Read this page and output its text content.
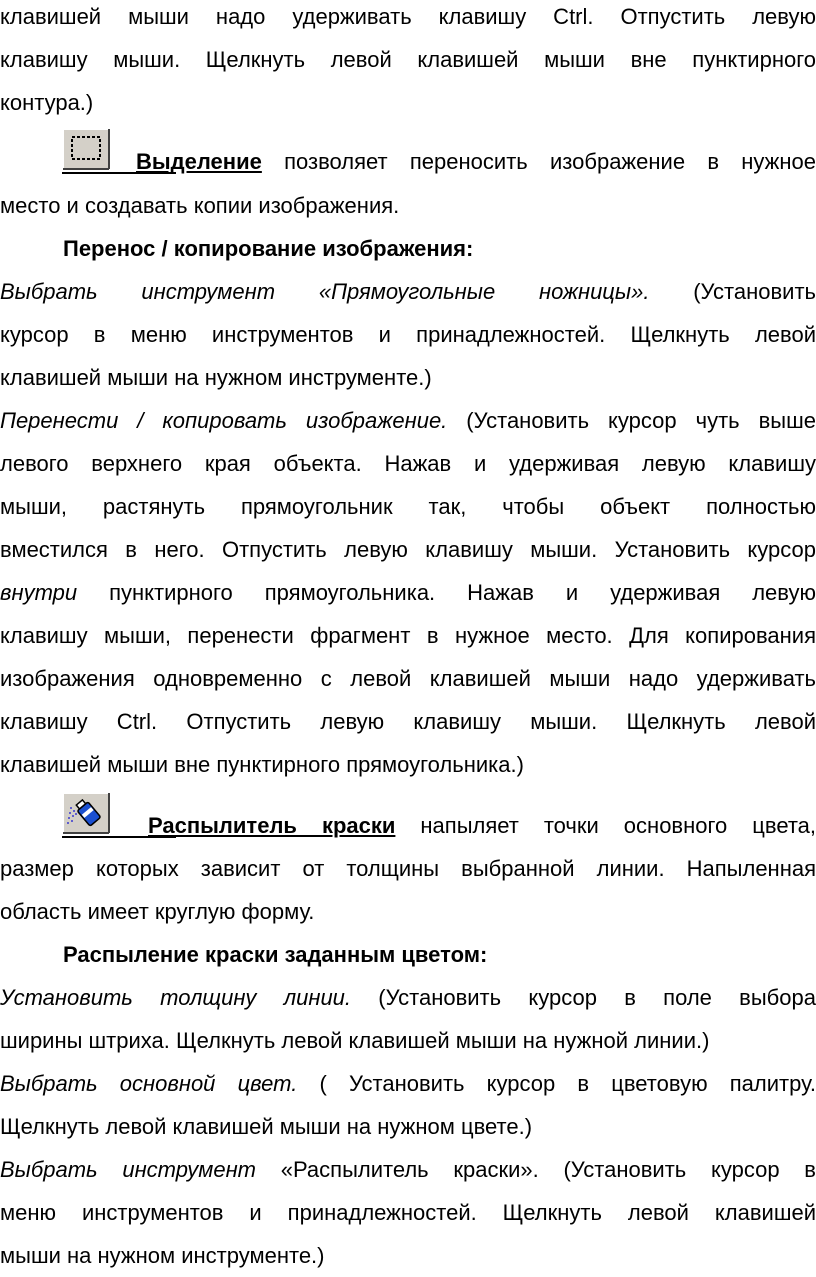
клавишей мыши надо удерживать клавишу Ctrl. Отпустить левую
клавишу мыши. Щелкнуть левой клавишей мыши вне пунктирного
контура.)
Выделение позволяет переносить изображение в нужное
место и создавать копии изображения.
Перенос / копирование изображения:
Выбрать инструмент «Прямоугольные ножницы». (Установить
курсор в меню инструментов и принадлежностей. Щелкнуть левой
клавишей мыши на нужном инструменте.)
Перенести / копировать изображение. (Установить курсор чуть выше
левого верхнего края объекта. Нажав и удерживая левую клавишу
мыши, растянуть прямоугольник так, чтобы объект полностью
вместился в него. Отпустить левую клавишу мыши. Установить курсор
внутри пунктирного прямоугольника. Нажав и удерживая левую
клавишу мыши, перенести фрагмент в нужное место. Для копирования
изображения одновременно с левой клавишей мыши надо удерживать
клавишу Ctrl. Отпустить левую клавишу мыши. Щелкнуть левой
клавишей мыши вне пунктирного прямоугольника.)
Распылитель краски напыляет точки основного цвета,
размер которых зависит от толщины выбранной линии. Напыленная
область имеет круглую форму.
Распыление краски заданным цветом:
Установить толщину линии. (Установить курсор в поле выбора
ширины штриха. Щелкнуть левой клавишей мыши на нужной линии.)
Выбрать основной цвет. ( Установить курсор в цветовую палитру.
Щелкнуть левой клавишей мыши на нужном цвете.)
Выбрать инструмент «Распылитель краски». (Установить курсор в
меню инструментов и принадлежностей. Щелкнуть левой клавишей
мыши на нужном инструменте.)
